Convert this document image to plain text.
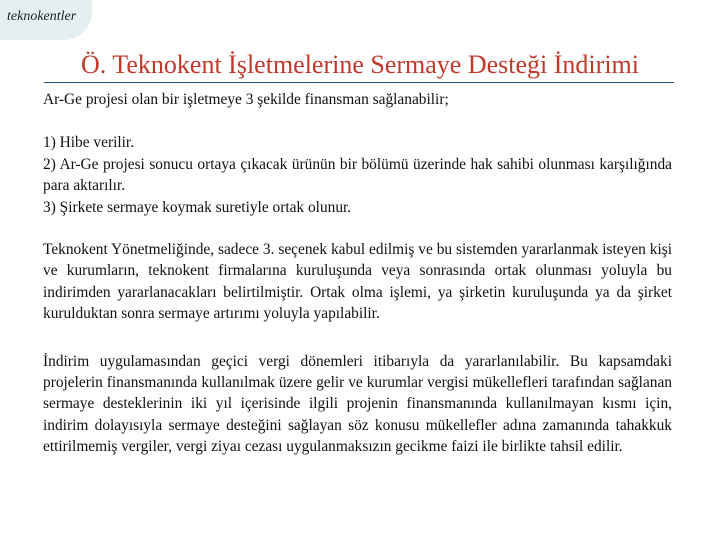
teknokentler
Ö. Teknokent İşletmelerine Sermaye Desteği İndirimi

Ar-Ge projesi olan bir işletmeye 3 şekilde finansman sağlanabilir;

1) Hibe verilir.

2) Ar-Ge projesi sonucu ortaya çıkacak ürünün bir bölümü üzerinde hak sahibi olunması karşılığında para aktarılır.

3) Şirkete sermaye koymak suretiyle ortak olunur.

Teknokent Yönetmeliğinde, sadece 3. seçenek kabul edilmiş ve bu sistemden yararlanmak isteyen kişi ve kurumların, teknokent firmalarına kuruluşunda veya sonrasında ortak olunması yoluyla bu indirimden yararlanacakları belirtilmiştir. Ortak olma işlemi, ya şirketin kuruluşunda ya da şirket kurulduktan sonra sermaye artırımı yoluyla yapılabilir.

İndirim uygulamasından geçici vergi dönemleri itibarıyla da yararlanılabilir. Bu kapsamdaki projelerin finansmanında kullanılmak üzere gelir ve kurumlar vergisi mükellefleri tarafından sağlanan sermaye desteklerinin iki yıl içerisinde ilgili projenin finansmanında kullanılmayan kısmı için, indirim dolayısıyla sermaye desteğini sağlayan söz konusu mükellefler adına zamanında tahakkuk ettirilmemiş vergiler, vergi ziyaı cezası uygulanmaksızın gecikme faizi ile birlikte tahsil edilir.
